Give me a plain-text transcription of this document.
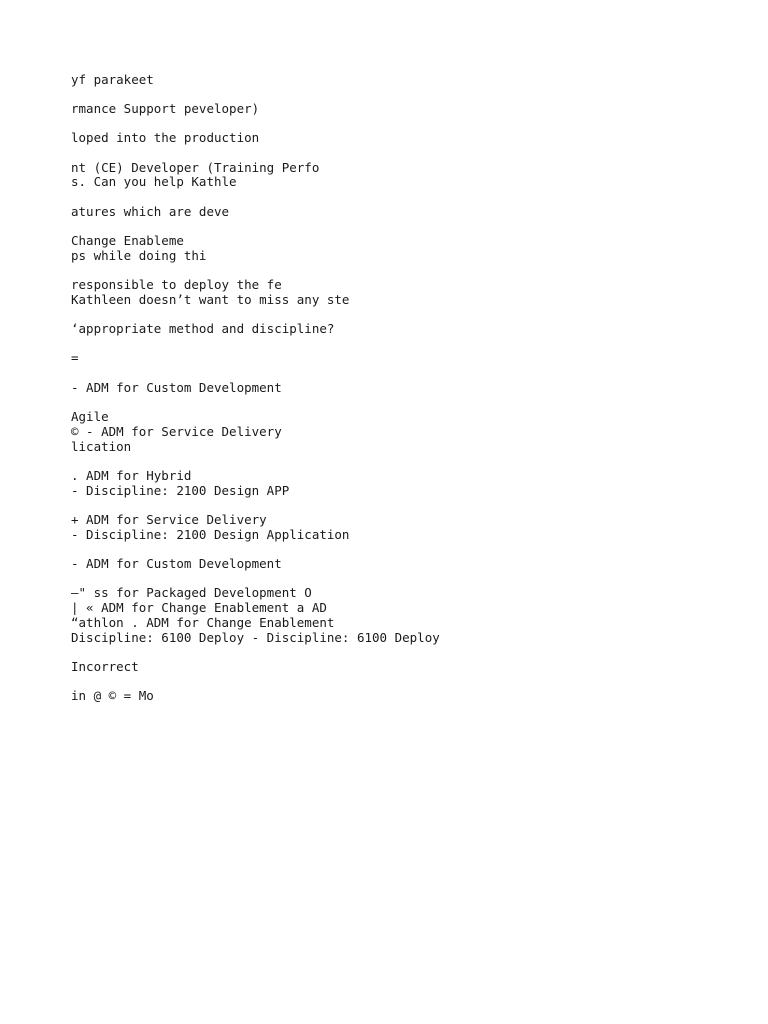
yf parakeet
rmance Support peveloper)
loped into the production
nt (CE) Developer (Training Perfo
s. Can you help Kathle
atures which are deve
Change Enableme
ps while doing thi
responsible to deploy the fe
Kathleen doesn’t want to miss any ste
‘appropriate method and discipline?
=
- ADM for Custom Development
Agile
© - ADM for Service Delivery
lication
. ADM for Hybrid
- Discipline: 2100 Design APP
+ ADM for Service Delivery
- Discipline: 2100 Design Application
- ADM for Custom Development
—" ss for Packaged Development O
| « ADM for Change Enablement a AD
“athlon . ADM for Change Enablement
Discipline: 6100 Deploy - Discipline: 6100 Deploy
Incorrect
in @ © = Mo
